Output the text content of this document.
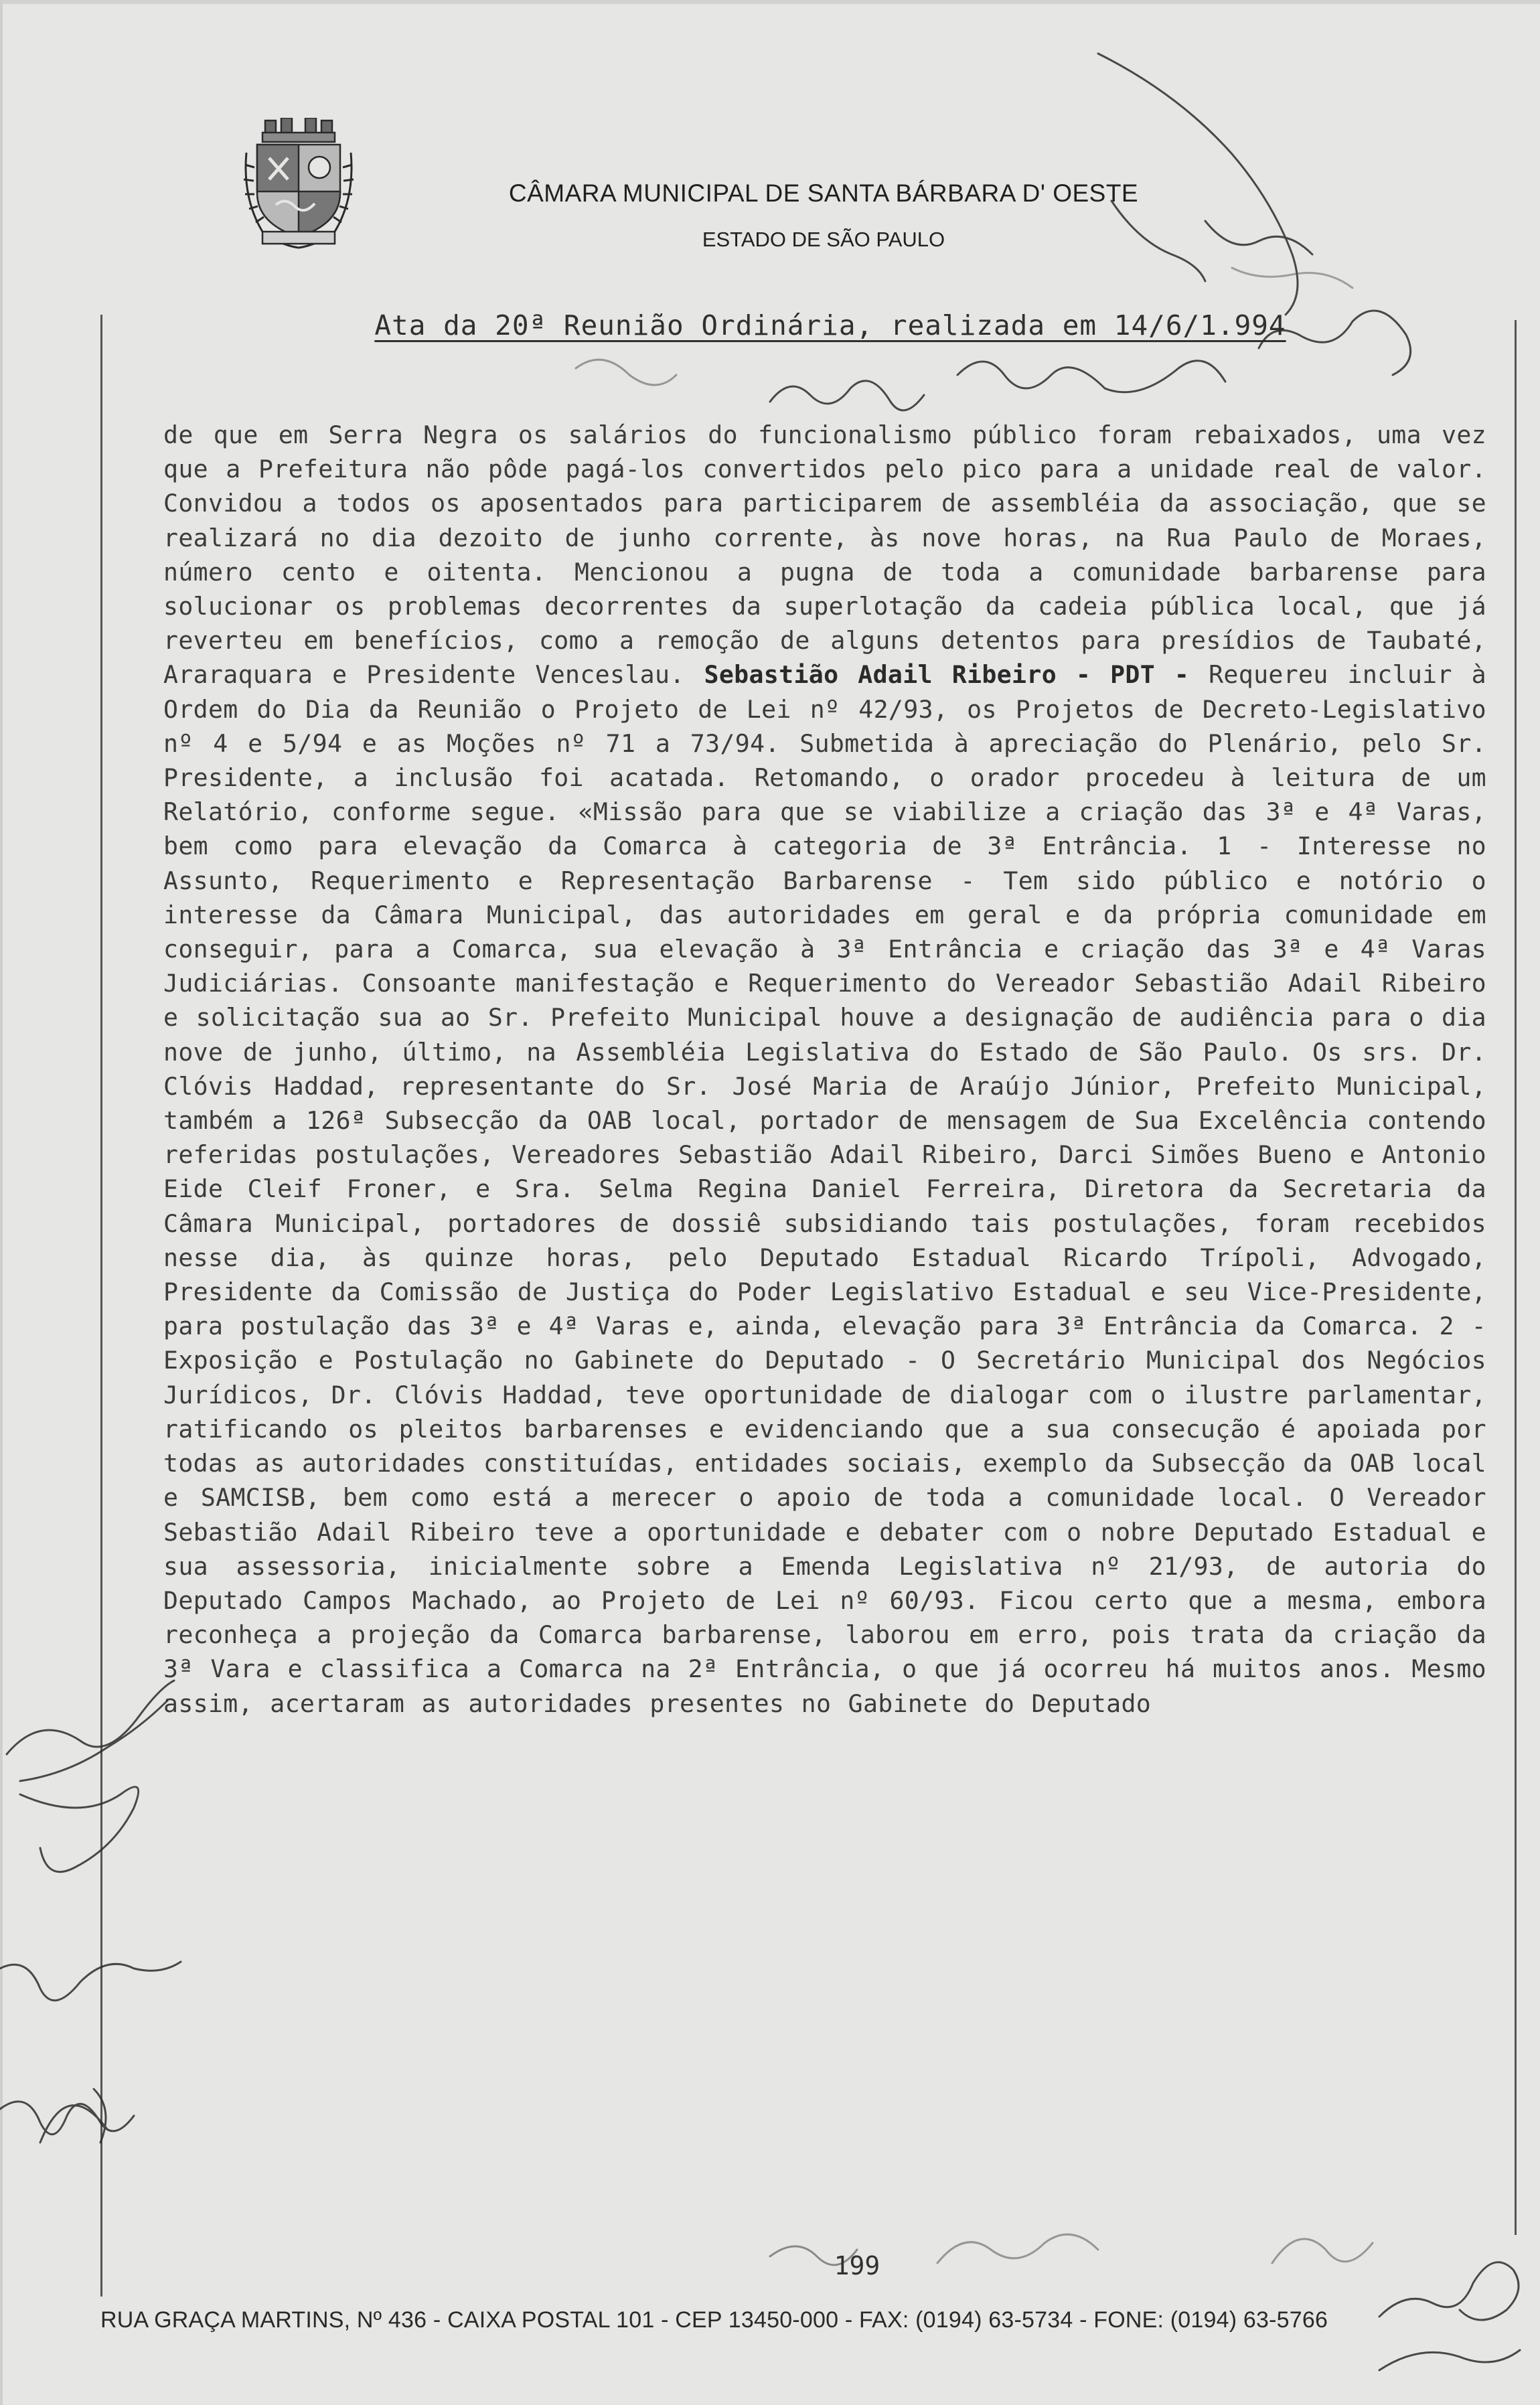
CÂMARA MUNICIPAL DE SANTA BÁRBARA D' OESTE
ESTADO DE SÃO PAULO
Ata da 20ª Reunião Ordinária, realizada em 14/6/1.994

de que em Serra Negra os salários do funcionalismo público foram rebaixados, uma vez que a Prefeitura não pôde pagá-los convertidos pelo pico para a unidade real de valor. Convidou a todos os aposentados para participarem de assembléia da associação, que se realizará no dia dezoito de junho corrente, às nove horas, na Rua Paulo de Moraes, número cento e oitenta. Mencionou a pugna de toda a comunidade barbarense para solucionar os problemas decorrentes da superlotação da cadeia pública local, que já reverteu em benefícios, como a remoção de alguns detentos para presídios de Taubaté, Araraquara e Presidente Venceslau. Sebastião Adail Ribeiro - PDT - Requereu incluir à Ordem do Dia da Reunião o Projeto de Lei nº 42/93, os Projetos de Decreto-Legislativo nº 4 e 5/94 e as Moções nº 71 a 73/94. Submetida à apreciação do Plenário, pelo Sr. Presidente, a inclusão foi acatada. Retomando, o orador procedeu à leitura de um Relatório, conforme segue. «Missão para que se viabilize a criação das 3ª e 4ª Varas, bem como para elevação da Comarca à categoria de 3ª Entrância. 1 - Interesse no Assunto, Requerimento e Representação Barbarense - Tem sido público e notório o interesse da Câmara Municipal, das autoridades em geral e da própria comunidade em conseguir, para a Comarca, sua elevação à 3ª Entrância e criação das 3ª e 4ª Varas Judiciárias. Consoante manifestação e Requerimento do Vereador Sebastião Adail Ribeiro e solicitação sua ao Sr. Prefeito Municipal houve a designação de audiência para o dia nove de junho, último, na Assembléia Legislativa do Estado de São Paulo. Os srs. Dr. Clóvis Haddad, representante do Sr. José Maria de Araújo Júnior, Prefeito Municipal, também a 126ª Subsecção da OAB local, portador de mensagem de Sua Excelência contendo referidas postulações, Vereadores Sebastião Adail Ribeiro, Darci Simões Bueno e Antonio Eide Cleif Froner, e Sra. Selma Regina Daniel Ferreira, Diretora da Secretaria da Câmara Municipal, portadores de dossiê subsidiando tais postulações, foram recebidos nesse dia, às quinze horas, pelo Deputado Estadual Ricardo Trípoli, Advogado, Presidente da Comissão de Justiça do Poder Legislativo Estadual e seu Vice-Presidente, para postulação das 3ª e 4ª Varas e, ainda, elevação para 3ª Entrância da Comarca. 2 - Exposição e Postulação no Gabinete do Deputado - O Secretário Municipal dos Negócios Jurídicos, Dr. Clóvis Haddad, teve oportunidade de dialogar com o ilustre parlamentar, ratificando os pleitos barbarenses e evidenciando que a sua consecução é apoiada por todas as autoridades constituídas, entidades sociais, exemplo da Subsecção da OAB local e SAMCISB, bem como está a merecer o apoio de toda a comunidade local. O Vereador Sebastião Adail Ribeiro teve a oportunidade e debater com o nobre Deputado Estadual e sua assessoria, inicialmente sobre a Emenda Legislativa nº 21/93, de autoria do Deputado Campos Machado, ao Projeto de Lei nº 60/93. Ficou certo que a mesma, embora reconheça a projeção da Comarca barbarense, laborou em erro, pois trata da criação da 3ª Vara e classifica a Comarca na 2ª Entrância, o que já ocorreu há muitos anos. Mesmo assim, acertaram as autoridades presentes no Gabinete do Deputado

199
RUA GRAÇA MARTINS, Nº 436 - CAIXA POSTAL 101 - CEP 13450-000 - FAX: (0194) 63-5734 - FONE: (0194) 63-5766
